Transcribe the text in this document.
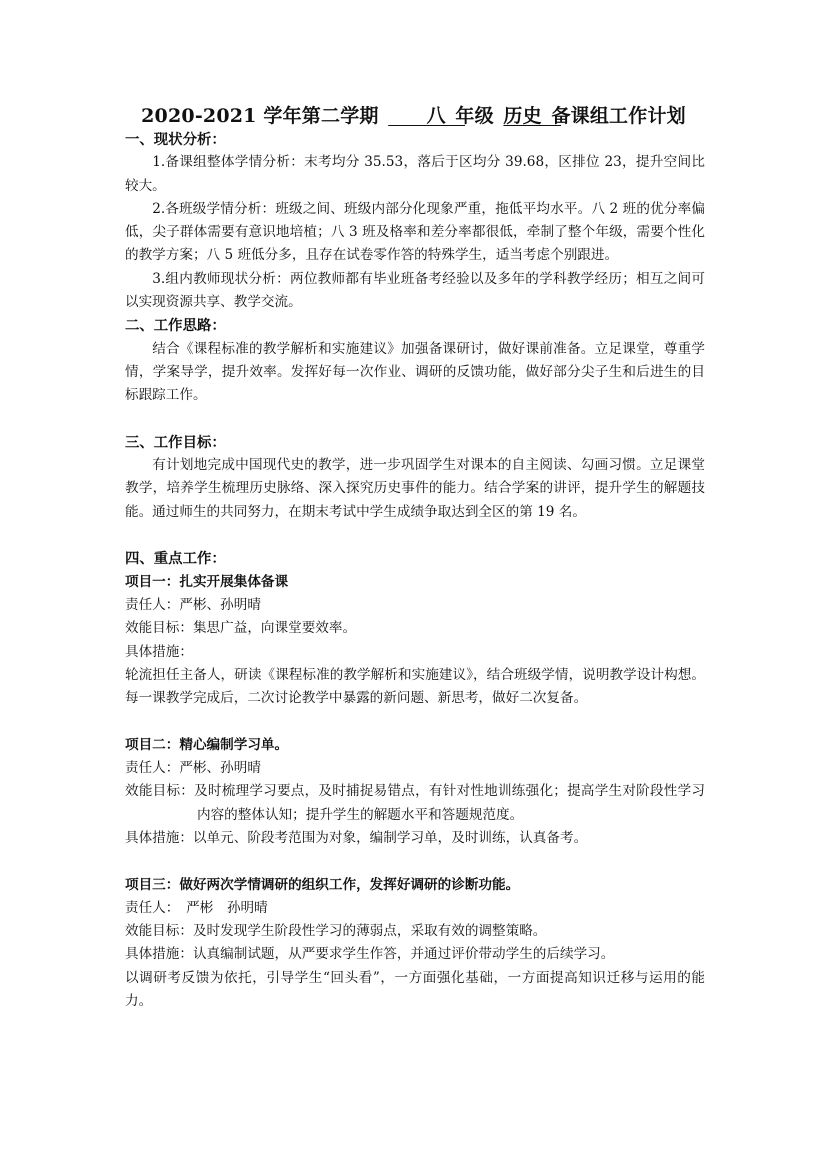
2020-2021 学年第二学期　　八　年级 历史　备课组工作计划
一、现状分析：
1.备课组整体学情分析：末考均分 35.53，落后于区均分 39.68，区排位 23，提升空间比较大。
2.各班级学情分析：班级之间、班级内部分化现象严重，拖低平均水平。八 2 班的优分率偏低，尖子群体需要有意识地培植；八 3 班及格率和差分率都很低，牵制了整个年级，需要个性化的教学方案；八 5 班低分多，且存在试卷零作答的特殊学生，适当考虑个别跟进。
3.组内教师现状分析：两位教师都有毕业班备考经验以及多年的学科教学经历；相互之间可以实现资源共享、教学交流。
二、工作思路：
结合《课程标准的教学解析和实施建议》加强备课研讨，做好课前准备。立足课堂，尊重学情，学案导学，提升效率。发挥好每一次作业、调研的反馈功能，做好部分尖子生和后进生的目标跟踪工作。
三、工作目标：
有计划地完成中国现代史的教学，进一步巩固学生对课本的自主阅读、勾画习惯。立足课堂教学，培养学生梳理历史脉络、深入探究历史事件的能力。结合学案的讲评，提升学生的解题技能。通过师生的共同努力，在期末考试中学生成绩争取达到全区的第 19 名。
四、重点工作：
项目一：扎实开展集体备课
责任人：严彬、孙明晴
效能目标：集思广益，向课堂要效率。
具体措施：
轮流担任主备人，研读《课程标准的教学解析和实施建议》，结合班级学情，说明教学设计构想。每一课教学完成后，二次讨论教学中暴露的新问题、新思考，做好二次复备。
项目二：精心编制学习单。
责任人：严彬、孙明晴
效能目标：及时梳理学习要点，及时捕捉易错点，有针对性地训练强化；提高学生对阶段性学习内容的整体认知；提升学生的解题水平和答题规范度。
具体措施：以单元、阶段考范围为对象，编制学习单，及时训练，认真备考。
项目三：做好两次学情调研的组织工作，发挥好调研的诊断功能。
责任人：　严彬　孙明晴
效能目标：及时发现学生阶段性学习的薄弱点，采取有效的调整策略。
具体措施：认真编制试题，从严要求学生作答，并通过评价带动学生的后续学习。
以调研考反馈为依托，引导学生“回头看”，一方面强化基础，一方面提高知识迁移与运用的能力。
